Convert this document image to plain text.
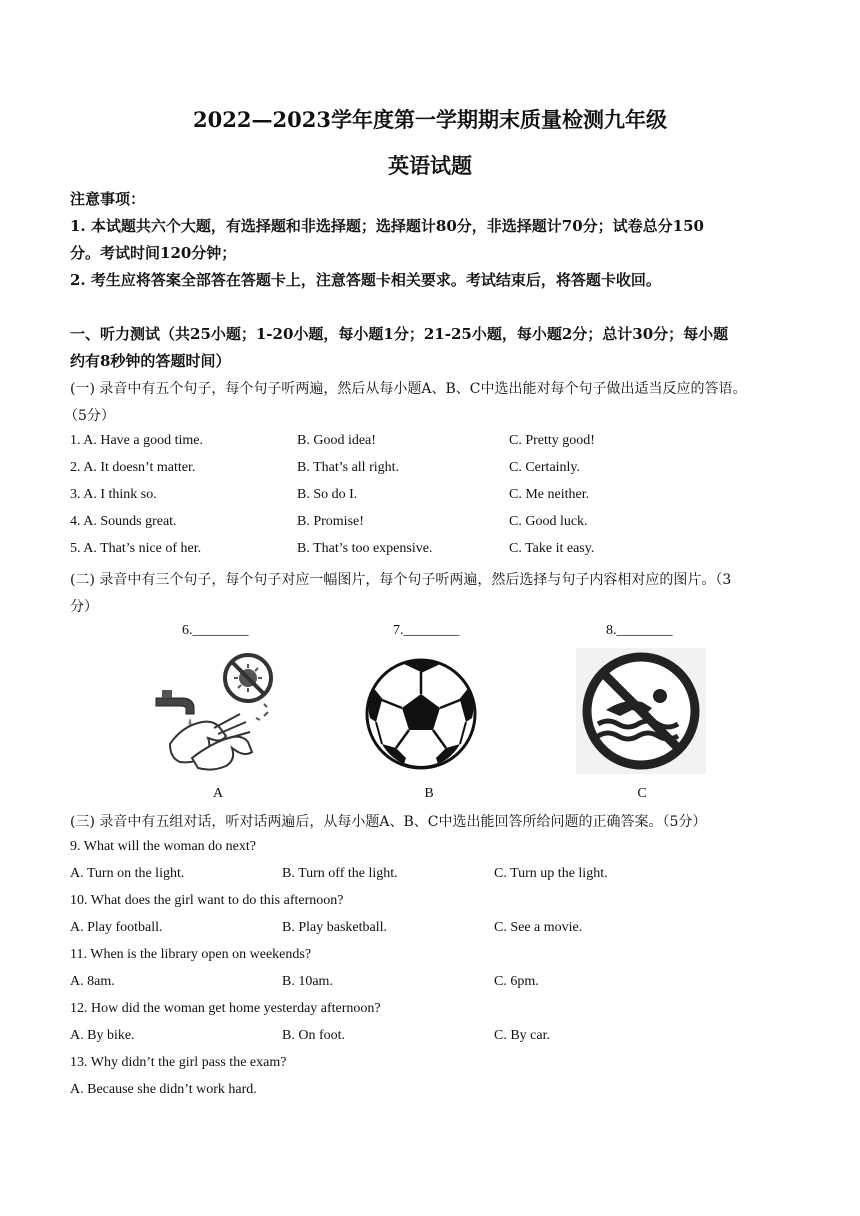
2022—2023学年度第一学期期末质量检测九年级
英语试题
注意事项：
1. 本试题共六个大题，有选择题和非选择题；选择题计80分，非选择题计70分；试卷总分150
分。考试时间120分钟；
2. 考生应将答案全部答在答题卡上，注意答题卡相关要求。考试结束后，将答题卡收回。
一、听力测试（共25小题；1-20小题，每小题1分；21-25小题，每小题2分；总计30分；每小题
约有8秒钟的答题时间）
(一) 录音中有五个句子，每个句子听两遍，然后从每小题A、B、C中选出能对每个句子做出适当反应的答语。
（5分）
1. A. Have a good time.	B. Good idea!	C. Pretty good!
2. A. It doesn’t matter.	B. That’s all right.	C. Certainly.
3. A. I think so.	B. So do I.	C. Me neither.
4. A. Sounds great.	B. Promise!	C. Good luck.
5. A. That’s nice of her.	B. That’s too expensive.	C. Take it easy.
(二) 录音中有三个句子，每个句子对应一幅图片，每个句子听两遍，然后选择与句子内容相对应的图片。（3
分）
6.________	7.________	8.________
A	B	C
(三) 录音中有五组对话，听对话两遍后，从每小题A、B、C中选出能回答所给问题的正确答案。（5分）
9. What will the woman do next?
A. Turn on the light.	B. Turn off the light.	C. Turn up the light.
10. What does the girl want to do this afternoon?
A. Play football.	B. Play basketball.	C. See a movie.
11. When is the library open on weekends?
A. 8am.	B. 10am.	C. 6pm.
12. How did the woman get home yesterday afternoon?
A. By bike.	B. On foot.	C. By car.
13. Why didn’t the girl pass the exam?
A. Because she didn’t work hard.
